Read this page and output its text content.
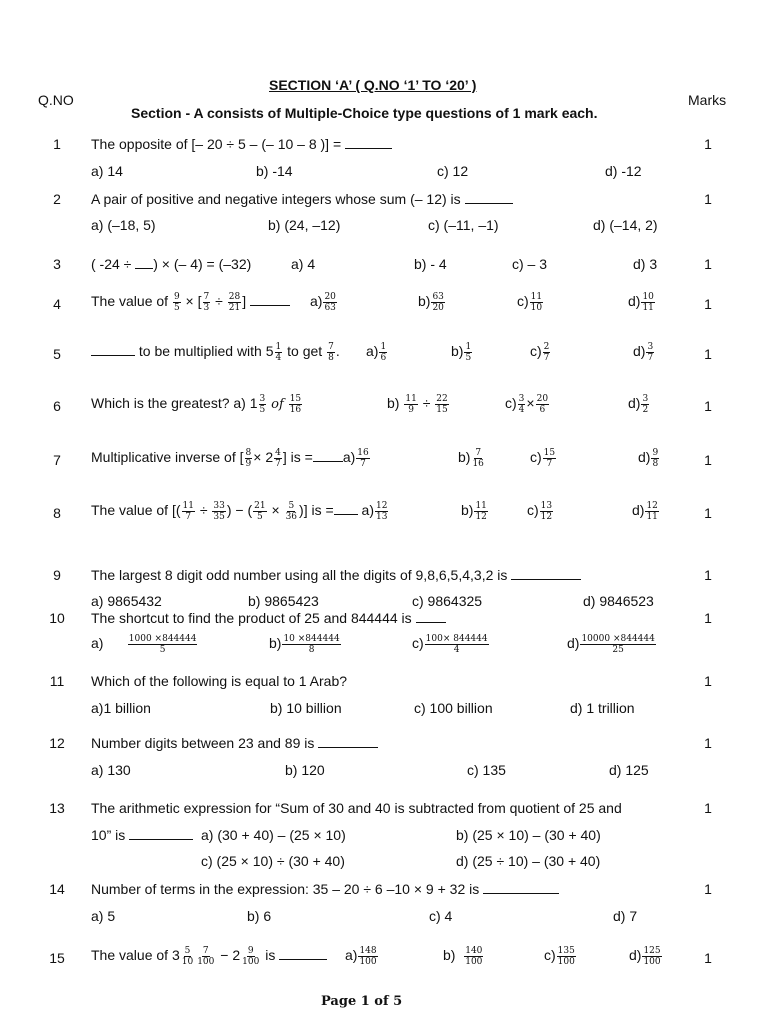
SECTION ‘A’ ( Q.NO ‘1’ TO ‘20’ )
Q.NO	Marks
Section - A consists of Multiple-Choice type questions of 1 mark each.
1	The opposite of [– 20 ÷ 5 – (– 10 – 8 )] =	1
a) 14	b) -14	c) 12	d) -12
2	A pair of positive and negative integers whose sum (– 12) is	1
a) (–18, 5)	b) (24, –12)	c) (–11, –1)	d) (–14, 2)
3	( -24 ÷ ) × (– 4) = (–32)	a) 4	b) - 4	c) – 3	d) 3	1
4	The value of $\frac{9}{5}$ × [ $\frac{7}{3} \div \frac{28}{21}$ ]	$a) \frac{20}{63}$	$b) \frac{63}{20}$	$c) \frac{11}{10}$	$d) \frac{10}{11}$	1
5	to be multiplied with $5 \frac{1}{4}$ to get $\frac{7}{8}$ . $a) \frac{1}{6}$	$b) \frac{1}{5}$	$c) \frac{2}{7}$	$d) \frac{3}{7}$	1
6	Which is the greatest? a) $1 \frac{3}{5}$ of $\frac{15}{16}$	$b) \frac{11}{9} \div \frac{22}{15}$	$c) \frac{3}{4} \times \frac{20}{6}$	$d) \frac{3}{2}$	1
7	Multiplicative inverse of [ $\frac{8}{9} \times 2 \frac{4}{7}$ ] is = $a) \frac{16}{7}$	$b) \frac{7}{16}$	$c) \frac{15}{7}$	$d) \frac{9}{8}$	1
8	The value of [( $\frac{11}{7} \div \frac{33}{35}$ ) − ( $\frac{21}{5} \times \frac{5}{36}$ )] is = $a) \frac{12}{13}$	$b) \frac{11}{12}$	$c) \frac{13}{12}$	$d) \frac{12}{11}$	1
9	The largest 8 digit odd number using all the digits of 9,8,6,5,4,3,2 is	1
a) 9865432	b) 9865423	c) 9864325	d) 9846523
10	The shortcut to find the product of 25 and 844444 is	1
a)	$\frac{1000 \times 844444}{5}$	$b) \frac{10 \times 844444}{8}$	$c) \frac{100\times 844444}{4}$	$d) \frac{10000 \times 844444}{25}$
11	Which of the following is equal to 1 Arab?	1
a)1 billion	b) 10 billion	c) 100 billion	d) 1 trillion
12	Number digits between 23 and 89 is	1
a) 130	b) 120	c) 135	d) 125
13	The arithmetic expression for “Sum of 30 and 40 is subtracted from quotient of 25 and	1
10” is	a) (30 + 40) – (25 × 10)	b) (25 × 10) – (30 + 40)
c) (25 × 10) ÷ (30 + 40)	d) (25 ÷ 10) – (30 + 40)
14	Number of terms in the expression: 35 – 20 ÷ 6 –10 × 9 + 32 is	1
a) 5	b) 6	c) 4	d) 7
15	The value of $3 \frac{5}{10} \frac{7}{100} - 2 \frac{9}{100}$ is	$a) \frac{148}{100}$	$b) \frac{140}{100}$	$c) \frac{135}{100}$	$d) \frac{125}{100}$	1
Page 1 of 5
